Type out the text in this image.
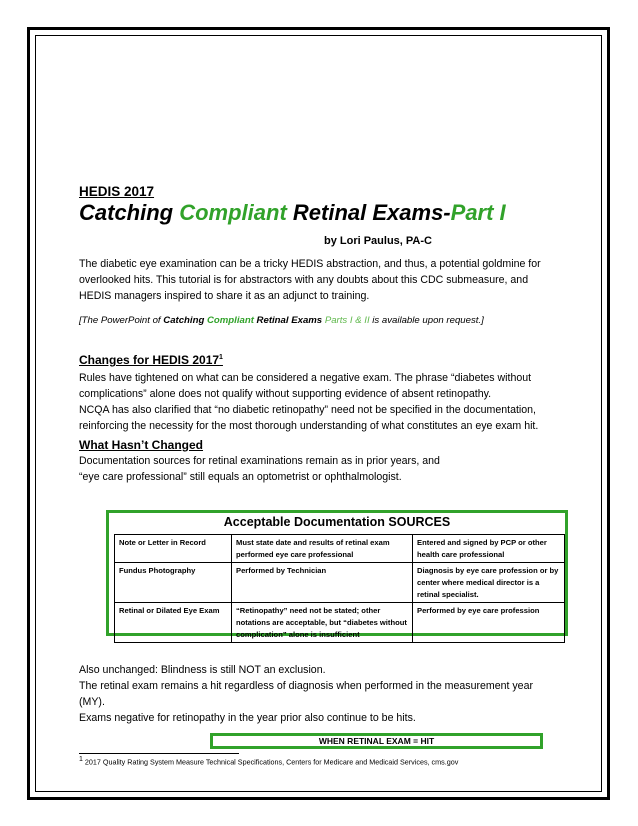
HEDIS 2017
Catching Compliant Retinal Exams-Part I
by Lori Paulus, PA-C
The diabetic eye examination can be a tricky HEDIS abstraction, and thus, a potential goldmine for
overlooked hits. This tutorial is for abstractors with any doubts about this CDC submeasure, and
HEDIS managers inspired to share it as an adjunct to training.
[The PowerPoint of Catching Compliant Retinal Exams Parts I & II is available upon request.]
Changes for HEDIS 2017$^1$
Rules have tightened on what can be considered a negative exam. The phrase “diabetes without
complications” alone does not qualify without supporting evidence of absent retinopathy.
NCQA has also clarified that “no diabetic retinopathy” need not be specified in the documentation,
reinforcing the necessity for the most thorough understanding of what constitutes an eye exam hit.
What Hasn’t Changed
Documentation sources for retinal examinations remain as in prior years, and
“eye care professional” still equals an optometrist or ophthalmologist.
Acceptable Documentation SOURCES
Note or Letter in Record	Must state date and results of retinal exam performed eye care professional	Entered and signed by PCP or other health care professional
Fundus Photography	Performed by Technician	Diagnosis by eye care profession or by center where medical director is a retinal specialist.
Retinal or Dilated Eye Exam	“Retinopathy” need not be stated; other notations are acceptable, but “diabetes without complication” alone is insufficient	Performed by eye care profession
Also unchanged: Blindness is still NOT an exclusion.
The retinal exam remains a hit regardless of diagnosis when performed in the measurement year
(MY).
Exams negative for retinopathy in the year prior also continue to be hits.
WHEN RETINAL EXAM = HIT
$^1$ 2017 Quality Rating System Measure Technical Specifications, Centers for Medicare and Medicaid Services, cms.gov
